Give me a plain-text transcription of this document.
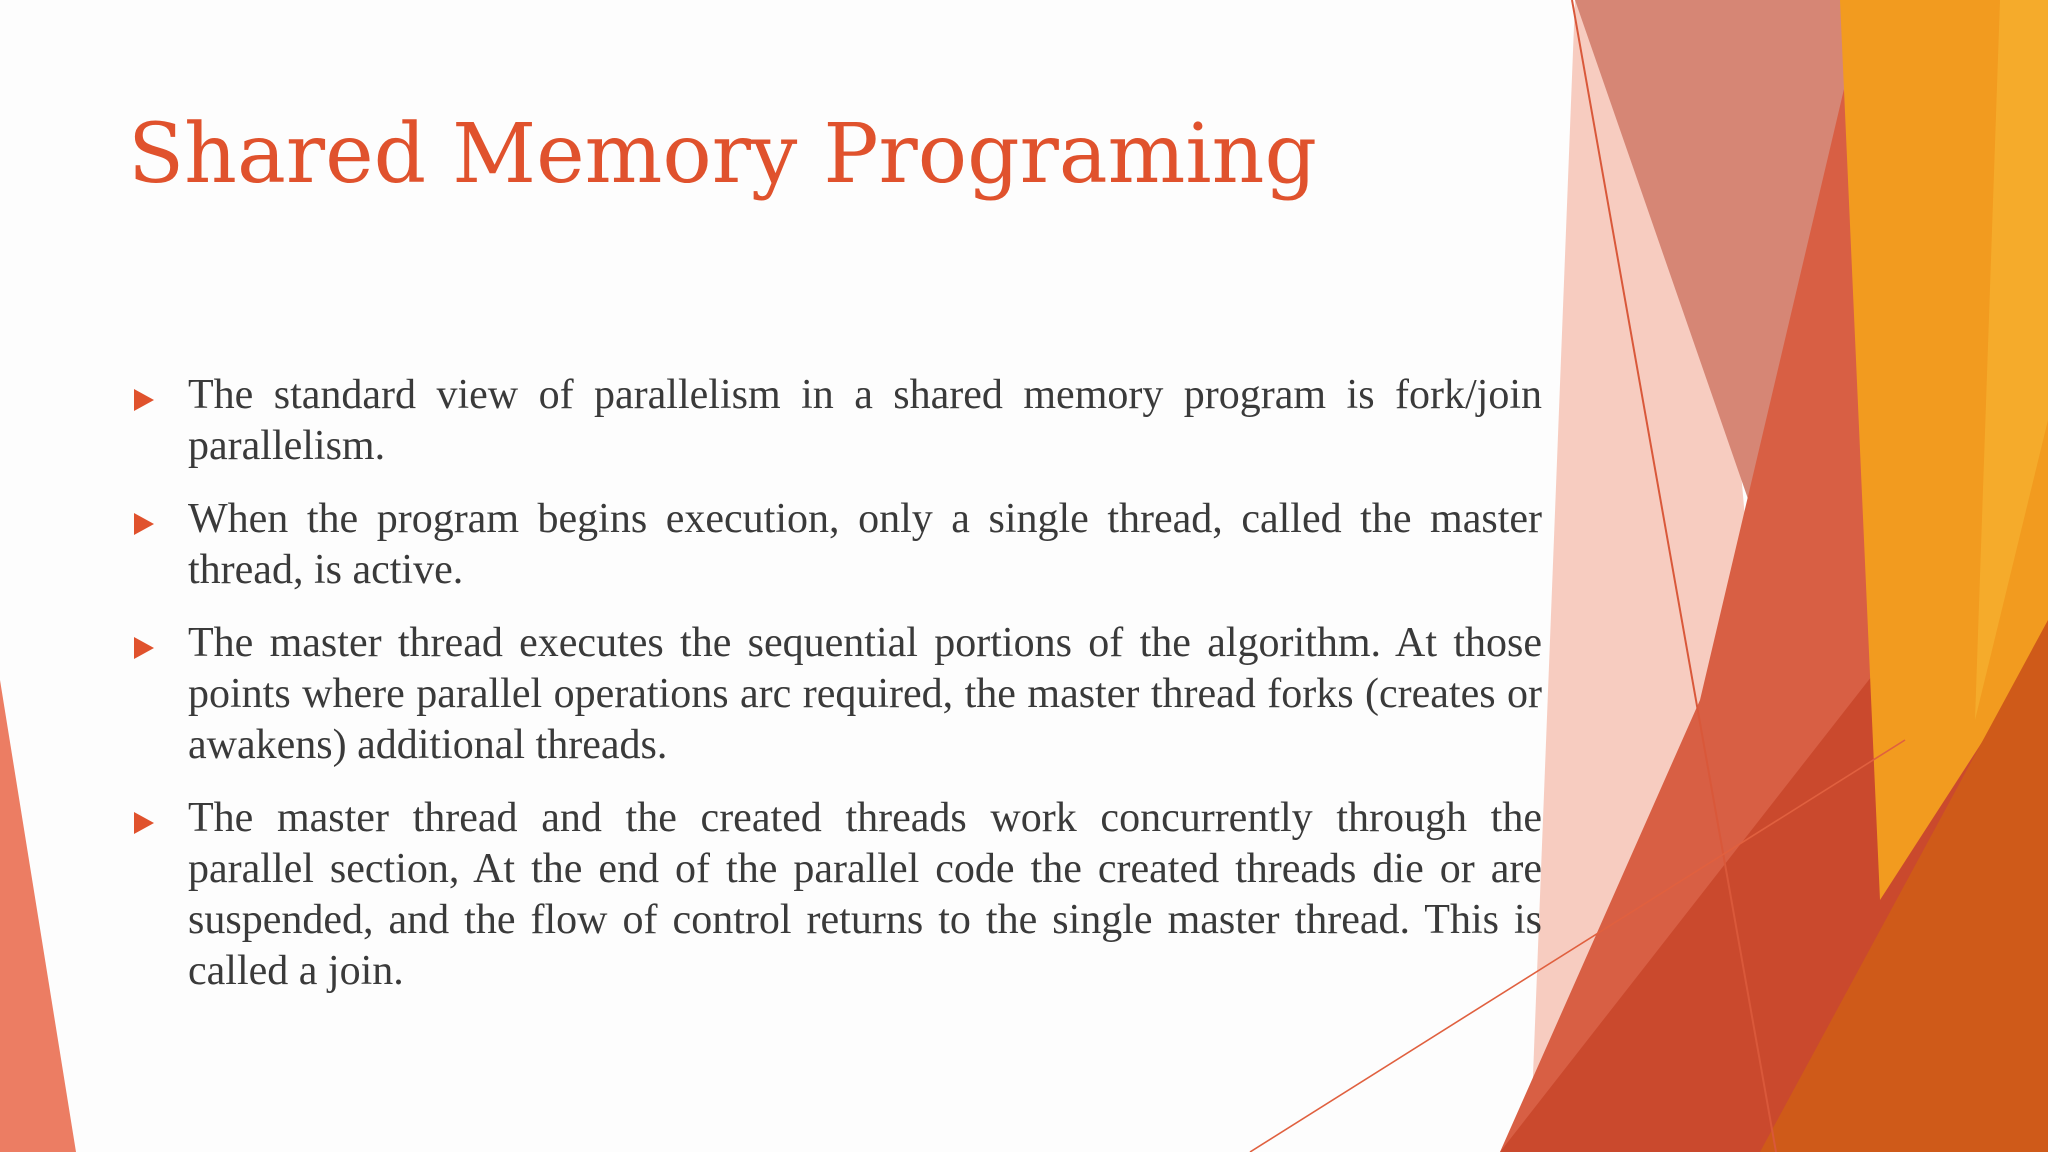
Shared Memory Programing
The standard view of parallelism in a shared memory program is fork/join parallelism.
When the program begins execution, only a single thread, called the master thread, is active.
The master thread executes the sequential portions of the algorithm. At those points where parallel operations arc required, the master thread forks (creates or awakens) additional threads.
The master thread and the created threads work concurrently through the parallel section, At the end of the parallel code the created threads die or are suspended, and the flow of control returns to the single master thread. This is called a join.
